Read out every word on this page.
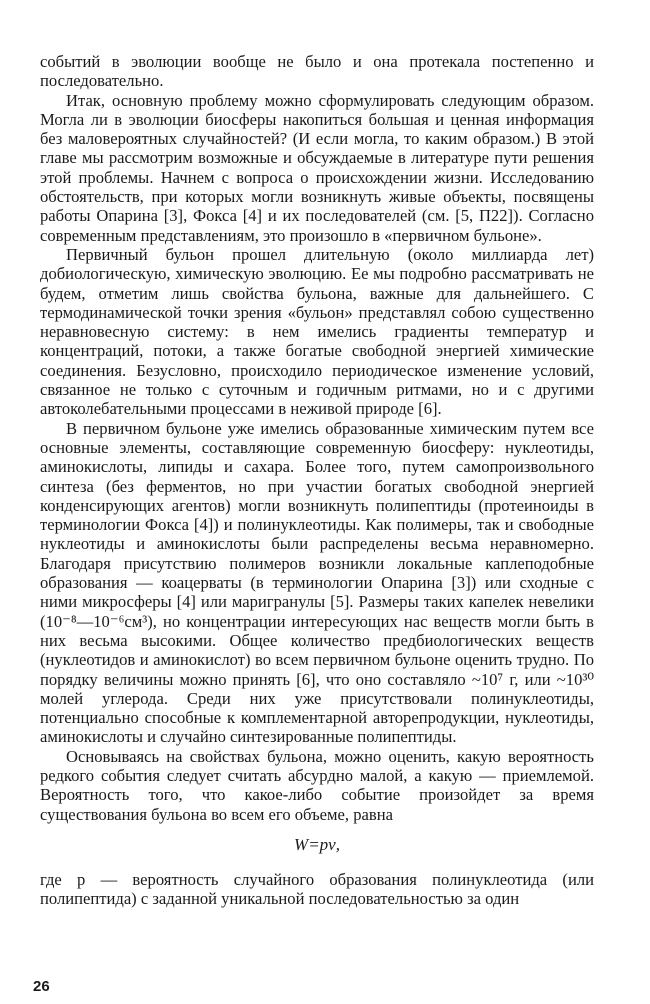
событий в эволюции вообще не было и она протекала постепенно и последовательно.

Итак, основную проблему можно сформулировать следующим образом. Могла ли в эволюции биосферы накопиться большая и ценная информация без маловероятных случайностей? (И если могла, то каким образом.) В этой главе мы рассмотрим возможные и обсуждаемые в литературе пути решения этой проблемы. Начнем с вопроса о происхождении жизни. Исследованию обстоятельств, при которых могли возникнуть живые объекты, посвящены работы Опарина [3], Фокса [4] и их последователей (см. [5, П22]). Согласно современным представлениям, это произошло в «первичном бульоне».

Первичный бульон прошел длительную (около миллиарда лет) добиологическую, химическую эволюцию. Ее мы подробно рассматривать не будем, отметим лишь свойства бульона, важные для дальнейшего. С термодинамической точки зрения «бульон» представлял собою существенно неравновесную систему: в нем имелись градиенты температур и концентраций, потоки, а также богатые свободной энергией химические соединения. Безусловно, происходило периодическое изменение условий, связанное не только с суточным и годичным ритмами, но и с другими автоколебательными процессами в неживой природе [6].

В первичном бульоне уже имелись образованные химическим путем все основные элементы, составляющие современную биосферу: нуклеотиды, аминокислоты, липиды и сахара. Более того, путем самопроизвольного синтеза (без ферментов, но при участии богатых свободной энергией конденсирующих агентов) могли возникнуть полипептиды (протеиноиды в терминологии Фокса [4]) и полинуклеотиды. Как полимеры, так и свободные нуклеотиды и аминокислоты были распределены весьма неравномерно. Благодаря присутствию полимеров возникли локальные каплеподобные образования — коацерваты (в терминологии Опарина [3]) или сходные с ними микросферы [4] или маригранулы [5]. Размеры таких капелек невелики (10⁻⁸—10⁻⁶см³), но концентрации интересующих нас веществ могли быть в них весьма высокими. Общее количество предбиологических веществ (нуклеотидов и аминокислот) во всем первичном бульоне оценить трудно. По порядку величины можно принять [6], что оно составляло ~10⁷ г, или ~10³⁰ молей углерода. Среди них уже присутствовали полинуклеотиды, потенциально способные к комплементарной авторепродукции, нуклеотиды, аминокислоты и случайно синтезированные полипептиды.

Основываясь на свойствах бульона, можно оценить, какую вероятность редкого события следует считать абсурдно малой, а какую — приемлемой. Вероятность того, что какое-либо событие произойдет за время существования бульона во всем его объеме, равна

W=pν,

где p — вероятность случайного образования полинуклеотида (или полипептида) с заданной уникальной последовательностью за один

26
